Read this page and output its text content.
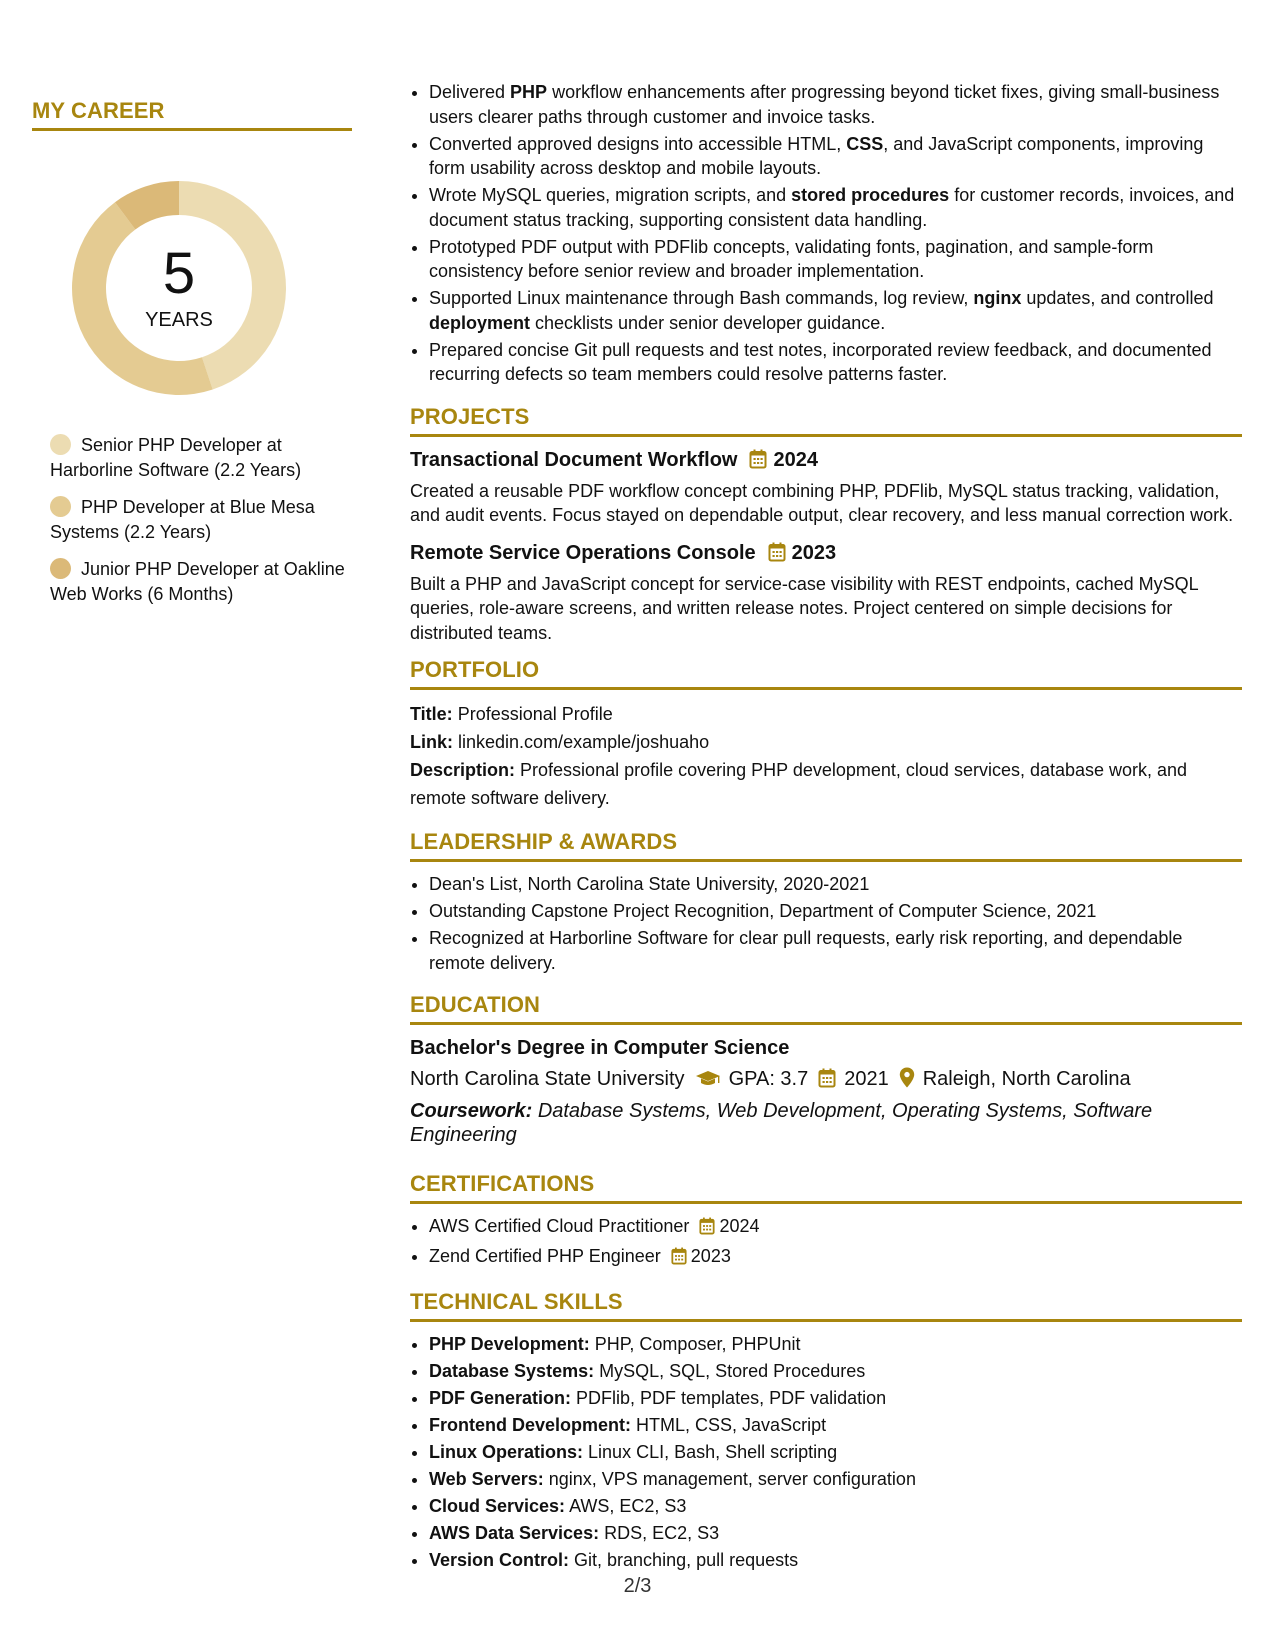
MY CAREER
5
YEARS
Senior PHP Developer at Harborline Software (2.2 Years)
PHP Developer at Blue Mesa Systems (2.2 Years)
Junior PHP Developer at Oakline Web Works (6 Months)
• Delivered PHP workflow enhancements after progressing beyond ticket fixes, giving small-business users clearer paths through customer and invoice tasks.
• Converted approved designs into accessible HTML, CSS, and JavaScript components, improving form usability across desktop and mobile layouts.
• Wrote MySQL queries, migration scripts, and stored procedures for customer records, invoices, and document status tracking, supporting consistent data handling.
• Prototyped PDF output with PDFlib concepts, validating fonts, pagination, and sample-form consistency before senior review and broader implementation.
• Supported Linux maintenance through Bash commands, log review, nginx updates, and controlled deployment checklists under senior developer guidance.
• Prepared concise Git pull requests and test notes, incorporated review feedback, and documented recurring defects so team members could resolve patterns faster.
PROJECTS
Transactional Document Workflow 2024
Created a reusable PDF workflow concept combining PHP, PDFlib, MySQL status tracking, validation, and audit events. Focus stayed on dependable output, clear recovery, and less manual correction work.
Remote Service Operations Console 2023
Built a PHP and JavaScript concept for service-case visibility with REST endpoints, cached MySQL queries, role-aware screens, and written release notes. Project centered on simple decisions for distributed teams.
PORTFOLIO
Title: Professional Profile
Link: linkedin.com/example/joshuaho
Description: Professional profile covering PHP development, cloud services, database work, and remote software delivery.
LEADERSHIP & AWARDS
• Dean's List, North Carolina State University, 2020-2021
• Outstanding Capstone Project Recognition, Department of Computer Science, 2021
• Recognized at Harborline Software for clear pull requests, early risk reporting, and dependable remote delivery.
EDUCATION
Bachelor's Degree in Computer Science
North Carolina State University GPA: 3.7 2021 Raleigh, North Carolina
Coursework: Database Systems, Web Development, Operating Systems, Software Engineering
CERTIFICATIONS
• AWS Certified Cloud Practitioner 2024
• Zend Certified PHP Engineer 2023
TECHNICAL SKILLS
• PHP Development: PHP, Composer, PHPUnit
• Database Systems: MySQL, SQL, Stored Procedures
• PDF Generation: PDFlib, PDF templates, PDF validation
• Frontend Development: HTML, CSS, JavaScript
• Linux Operations: Linux CLI, Bash, Shell scripting
• Web Servers: nginx, VPS management, server configuration
• Cloud Services: AWS, EC2, S3
• AWS Data Services: RDS, EC2, S3
• Version Control: Git, branching, pull requests
2/3
